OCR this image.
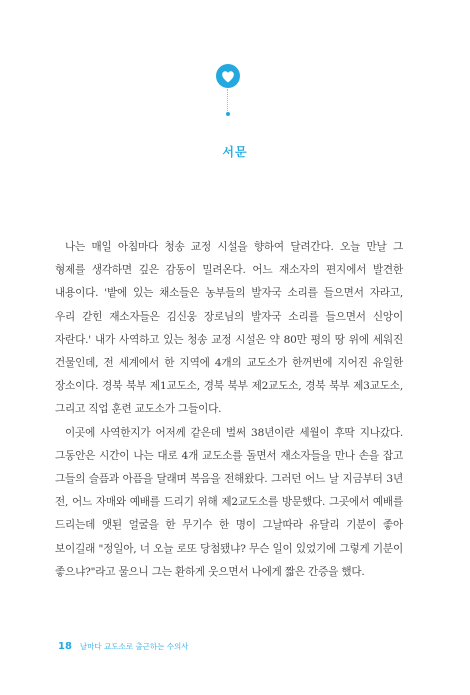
서문

나는 매일 아침마다 청송 교정 시설을 향하여 달려간다. 오늘 만날 그 형제를 생각하면 깊은 감동이 밀려온다. 어느 재소자의 편지에서 발견한 내용이다. '밭에 있는 채소들은 농부들의 발자국 소리를 들으면서 자라고, 우리 갇힌 재소자들은 김신웅 장로님의 발자국 소리를 들으면서 신앙이 자란다.' 내가 사역하고 있는 청송 교정 시설은 약 80만 평의 땅 위에 세워진 건물인데, 전 세계에서 한 지역에 4개의 교도소가 한꺼번에 지어진 유일한 장소이다. 경북 북부 제1교도소, 경북 북부 제2교도소, 경북 북부 제3교도소, 그리고 직업 훈련 교도소가 그들이다.

이곳에 사역한지가 어저께 같은데 벌써 38년이란 세월이 후딱 지나갔다. 그동안은 시간이 나는 대로 4개 교도소를 돌면서 재소자들을 만나 손을 잡고 그들의 슬픔과 아픔을 달래며 복음을 전해왔다. 그러던 어느 날 지금부터 3년 전, 어느 자매와 예배를 드리기 위해 제2교도소를 방문했다. 그곳에서 예배를 드리는데 앳된 얼굴을 한 무기수 한 명이 그날따라 유달리 기분이 좋아 보이길래 "정일아, 너 오늘 로또 당첨됐냐? 무슨 일이 있었기에 그렇게 기분이 좋으냐?"라고 물으니 그는 환하게 웃으면서 나에게 짧은 간증을 했다.

18 날마다 교도소로 출근하는 수의사
